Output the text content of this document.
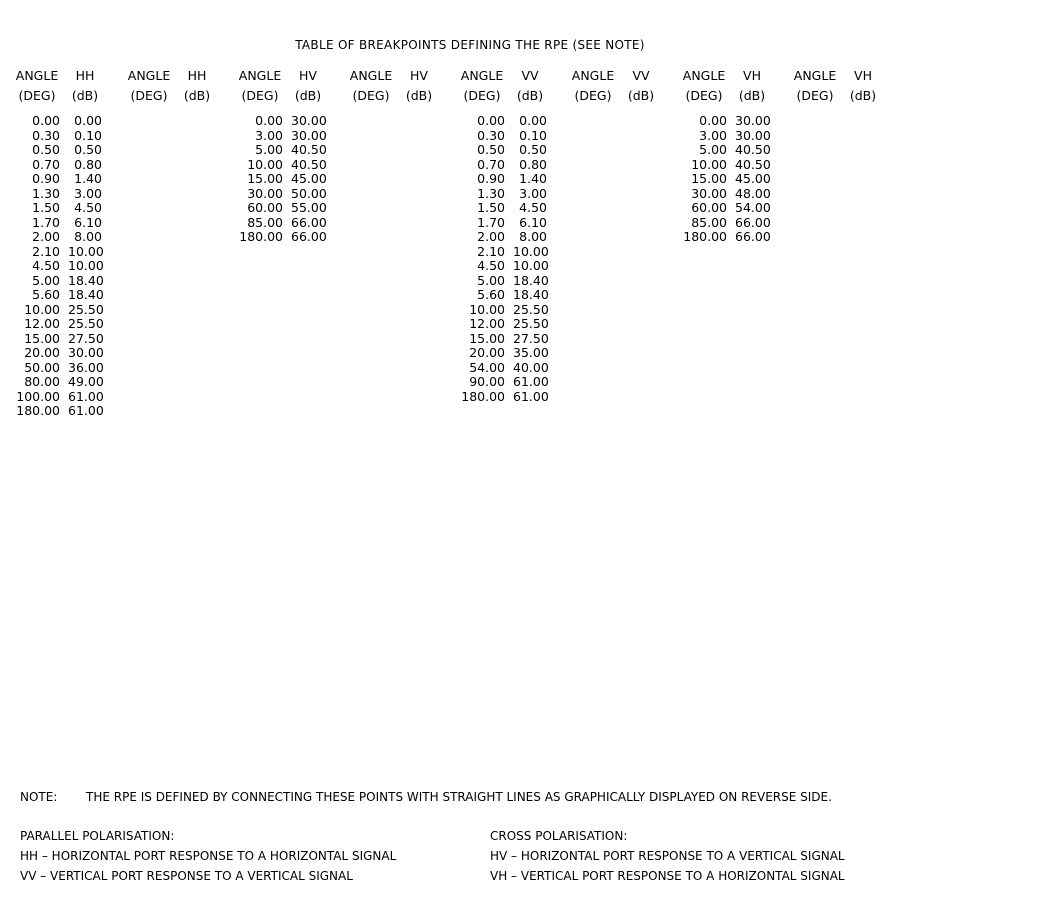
TABLE OF BREAKPOINTS DEFINING THE RPE (SEE NOTE)
ANGLE
(DEG)
0.00
0.30
0.50
0.70
0.90
1.30
1.50
1.70
2.00
2.10
4.50
5.00
5.60
10.00
12.00
15.00
20.00
50.00
80.00
100.00
180.00
HH
(dB)
0.00
0.10
0.50
0.80
1.40
3.00
4.50
6.10
8.00
10.00
10.00
18.40
18.40
25.50
25.50
27.50
30.00
36.00
49.00
61.00
61.00
ANGLE
(DEG)
HH
(dB)
ANGLE
(DEG)
0.00
3.00
5.00
10.00
15.00
30.00
60.00
85.00
180.00
HV
(dB)
30.00
30.00
40.50
40.50
45.00
50.00
55.00
66.00
66.00
ANGLE
(DEG)
HV
(dB)
ANGLE
(DEG)
0.00
0.30
0.50
0.70
0.90
1.30
1.50
1.70
2.00
2.10
4.50
5.00
5.60
10.00
12.00
15.00
20.00
54.00
90.00
180.00
VV
(dB)
0.00
0.10
0.50
0.80
1.40
3.00
4.50
6.10
8.00
10.00
10.00
18.40
18.40
25.50
25.50
27.50
35.00
40.00
61.00
61.00
ANGLE
(DEG)
VV
(dB)
ANGLE
(DEG)
0.00
3.00
5.00
10.00
15.00
30.00
60.00
85.00
180.00
VH
(dB)
30.00
30.00
40.50
40.50
45.00
48.00
54.00
66.00
66.00
ANGLE
(DEG)
VH
(dB)
NOTE: THE RPE IS DEFINED BY CONNECTING THESE POINTS WITH STRAIGHT LINES AS GRAPHICALLY DISPLAYED ON REVERSE SIDE.
PARALLEL POLARISATION:
HH – HORIZONTAL PORT RESPONSE TO A HORIZONTAL SIGNAL
VV – VERTICAL PORT RESPONSE TO A VERTICAL SIGNAL
CROSS POLARISATION:
HV – HORIZONTAL PORT RESPONSE TO A VERTICAL SIGNAL
VH – VERTICAL PORT RESPONSE TO A HORIZONTAL SIGNAL
